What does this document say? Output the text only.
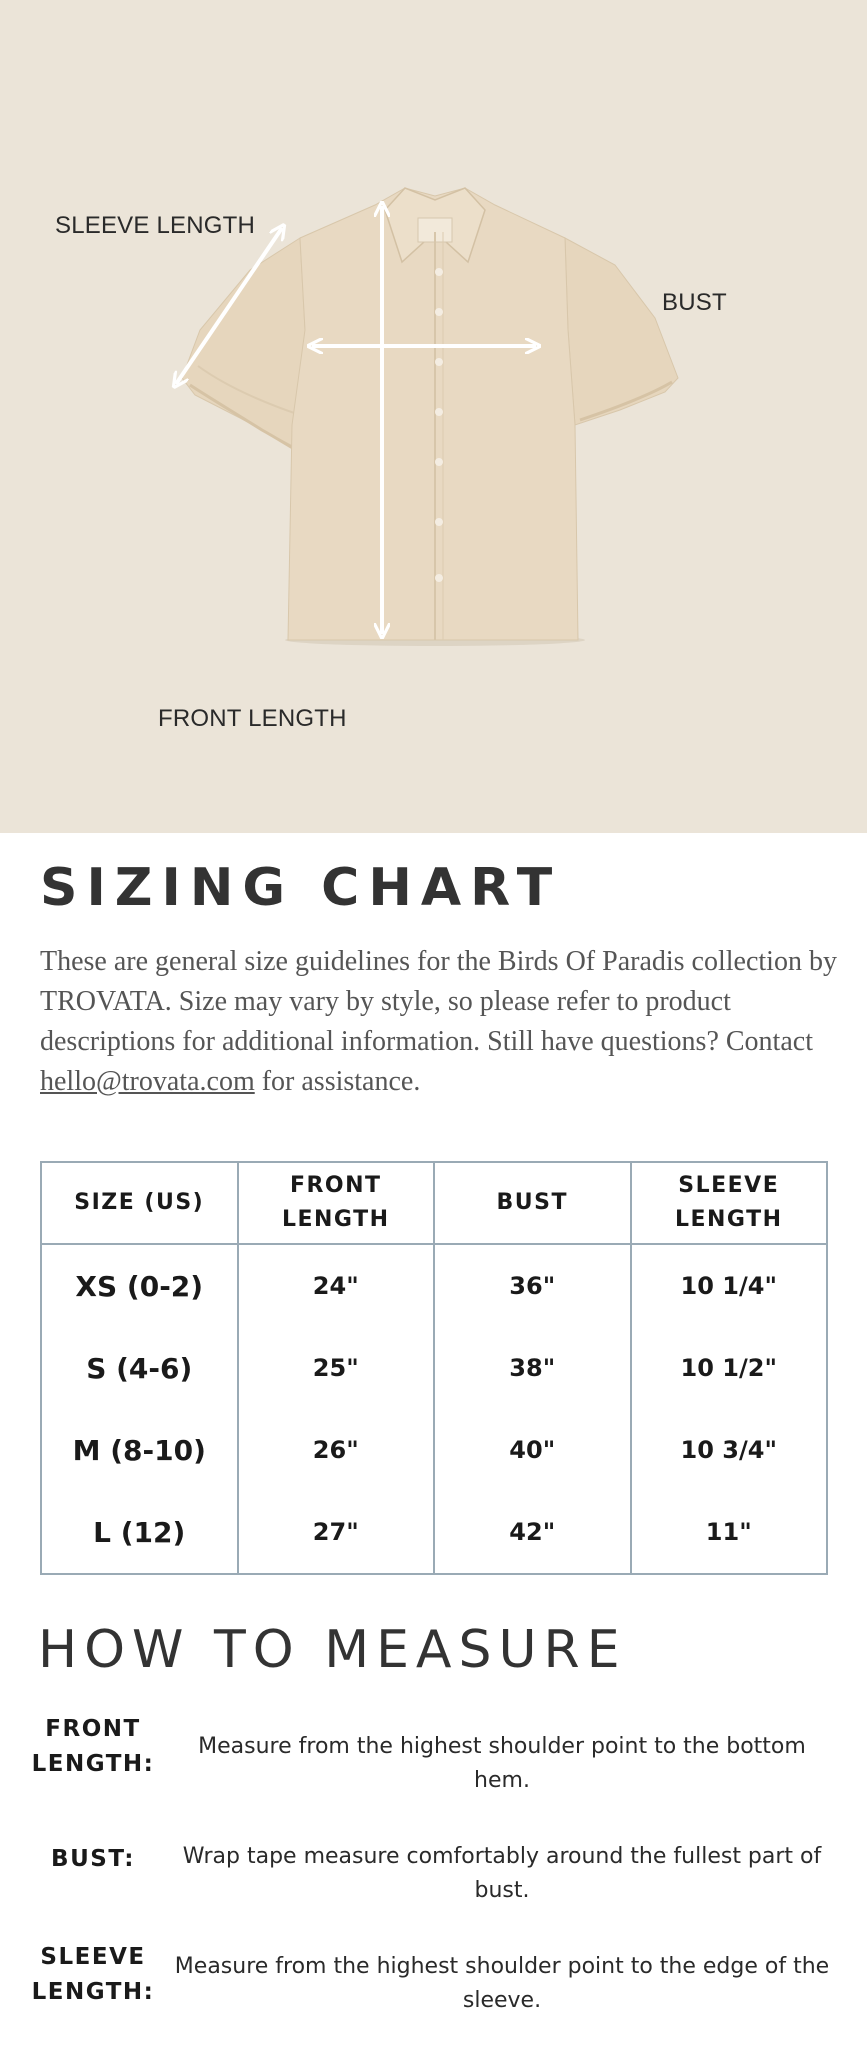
SLEEVE LENGTH
BUST
FRONT LENGTH
SIZING CHART

These are general size guidelines for the Birds Of Paradis collection by TROVATA. Size may vary by style, so please refer to product descriptions for additional information. Still have questions? Contact
hello@trovata.com for assistance.

SIZE (US)	FRONT LENGTH	BUST	SLEEVE LENGTH
XS (0-2)	24"	36"	10 1/4"
S (4-6)	25"	38"	10 1/2"
M (8-10)	26"	40"	10 3/4"
L (12)	27"	42"	11"
HOW TO MEASURE
FRONT LENGTH:
Measure from the highest shoulder point to the bottom hem.
BUST:	Wrap tape measure comfortably around the fullest part of bust.
SLEEVE LENGTH:
Measure from the highest shoulder point to the edge of the sleeve.
